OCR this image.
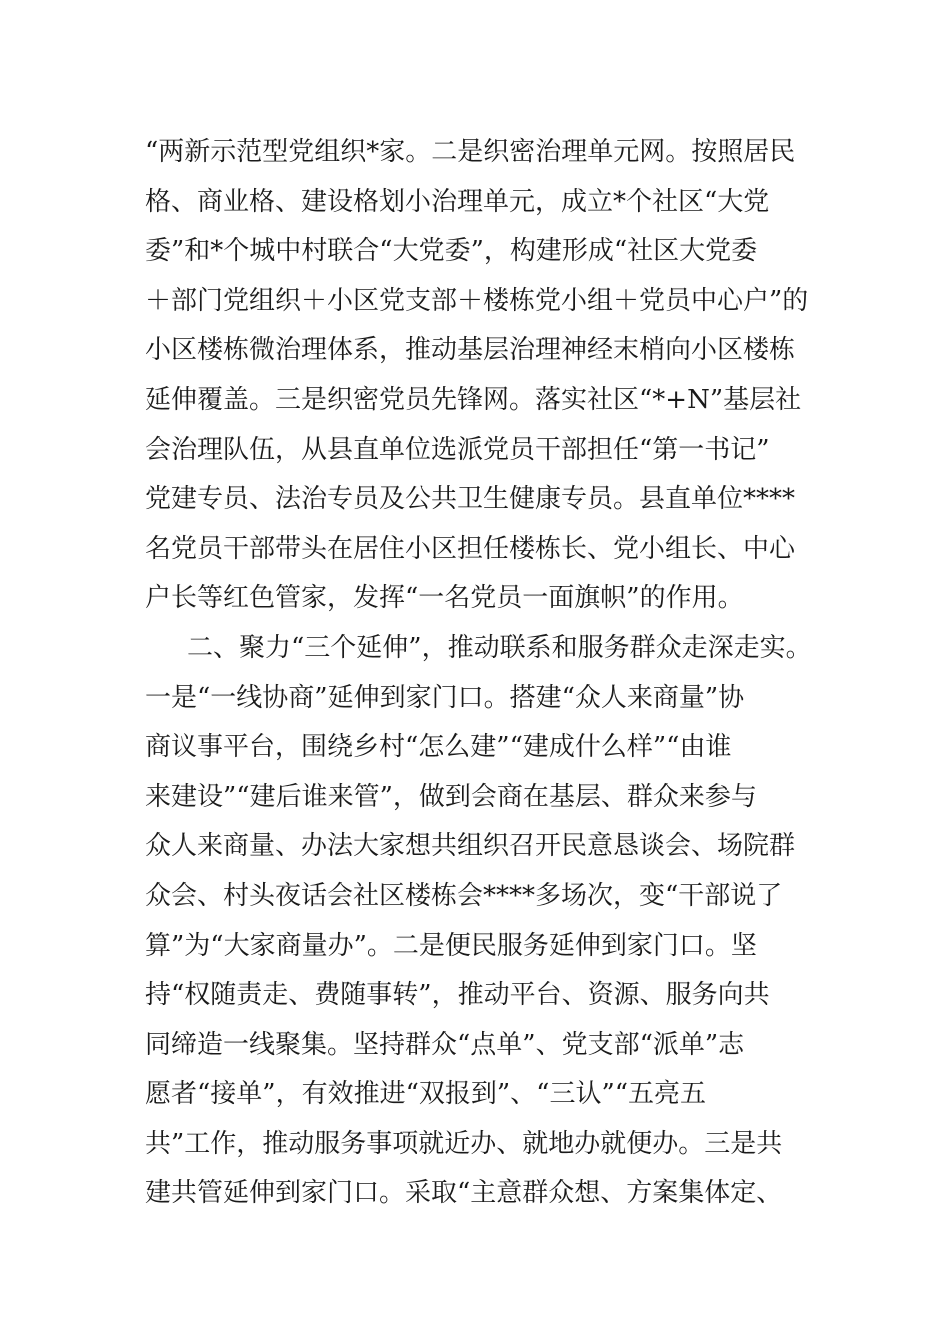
“两新示范型党组织*家。二是织密治理单元网。按照居民
格、商业格、建设格划小治理单元，成立*个社区“大党
委”和*个城中村联合“大党委”，构建形成“社区大党委
＋部门党组织＋小区党支部＋楼栋党小组＋党员中心户”的
小区楼栋微治理体系，推动基层治理神经末梢向小区楼栋
延伸覆盖。三是织密党员先锋网。落实社区“*+N”基层社
会治理队伍，从县直单位选派党员干部担任“第一书记”
党建专员、法治专员及公共卫生健康专员。县直单位****
名党员干部带头在居住小区担任楼栋长、党小组长、中心
户长等红色管家，发挥“一名党员一面旗帜”的作用。
二、聚力“三个延伸”，推动联系和服务群众走深走实。
一是“一线协商”延伸到家门口。搭建“众人来商量”协
商议事平台，围绕乡村“怎么建”“建成什么样”“由谁
来建设”“建后谁来管”，做到会商在基层、群众来参与
众人来商量、办法大家想共组织召开民意恳谈会、场院群
众会、村头夜话会社区楼栋会****多场次，变“干部说了
算”为“大家商量办”。二是便民服务延伸到家门口。坚
持“权随责走、费随事转”，推动平台、资源、服务向共
同缔造一线聚集。坚持群众“点单”、党支部“派单”志
愿者“接单”，有效推进“双报到”、“三认”“五亮五
共”工作，推动服务事项就近办、就地办就便办。三是共
建共管延伸到家门口。采取“主意群众想、方案集体定、
